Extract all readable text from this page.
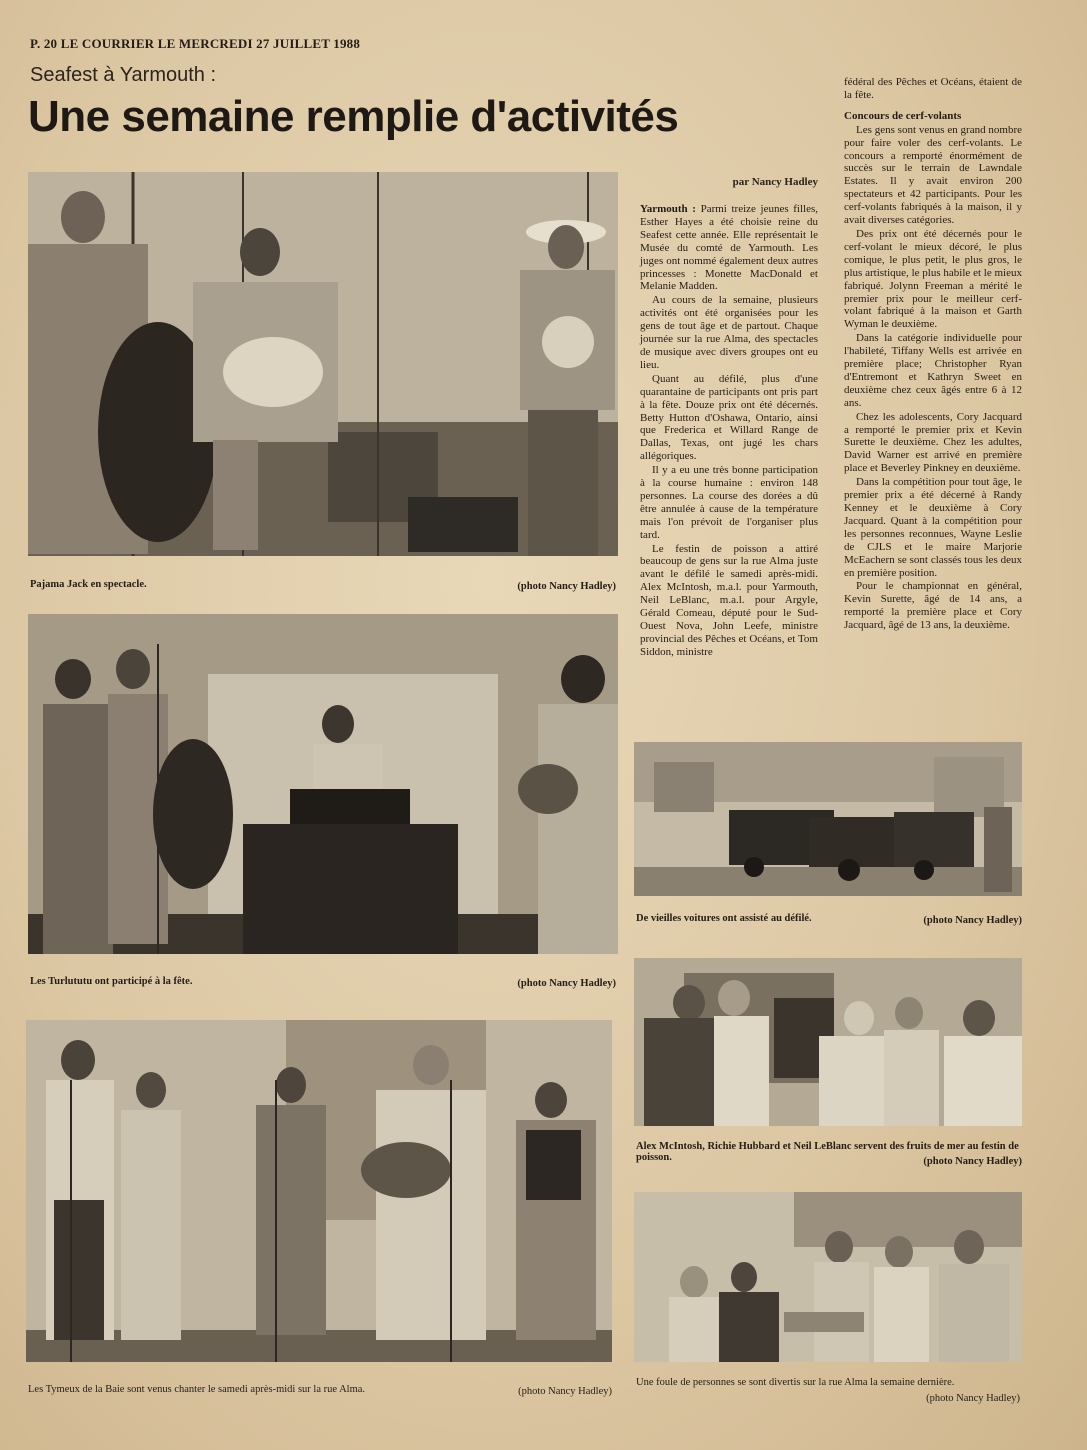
P. 20 LE COURRIER LE MERCREDI 27 JUILLET 1988
Seafest à Yarmouth :
Une semaine remplie d'activités
Pajama Jack en spectacle.	(photo Nancy Hadley)
Les Turlututu ont participé à la fête.	(photo Nancy Hadley)
Les Tymeux de la Baie sont venus chanter le samedi après-midi sur la rue Alma.	(photo Nancy Hadley)
par Nancy Hadley

Yarmouth : Parmi treize jeunes filles, Esther Hayes a été choisie reine du Seafest cette année. Elle représentait le Musée du comté de Yarmouth. Les juges ont nommé également deux autres princesses : Monette MacDonald et Melanie Madden.

Au cours de la semaine, plusieurs activités ont été organisées pour les gens de tout âge et de partout. Chaque journée sur la rue Alma, des spectacles de musique avec divers groupes ont eu lieu.

Quant au défilé, plus d'une quarantaine de participants ont pris part à la fête. Douze prix ont été décernés. Betty Hutton d'Oshawa, Ontario, ainsi que Frederica et Willard Range de Dallas, Texas, ont jugé les chars allégoriques.

Il y a eu une très bonne participation à la course humaine : environ 148 personnes. La course des dorées a dû être annulée à cause de la température mais l'on prévoit de l'organiser plus tard.

Le festin de poisson a attiré beaucoup de gens sur la rue Alma juste avant le défilé le samedi après-midi. Alex McIntosh, m.a.l. pour Yarmouth, Neil LeBlanc, m.a.l. pour Argyle, Gérald Comeau, député pour le Sud-Ouest Nova, John Leefe, ministre provincial des Pêches et Océans, et Tom Siddon, ministre

fédéral des Pêches et Océans, étaient de la fête.

Concours de cerf-volants

Les gens sont venus en grand nombre pour faire voler des cerf-volants. Le concours a remporté énormément de succès sur le terrain de Lawndale Estates. Il y avait environ 200 spectateurs et 42 participants. Pour les cerf-volants fabriqués à la maison, il y avait diverses catégories.

Des prix ont été décernés pour le cerf-volant le mieux décoré, le plus comique, le plus petit, le plus gros, le plus artistique, le plus habile et le mieux fabriqué. Jolynn Freeman a mérité le premier prix pour le meilleur cerf-volant fabriqué à la maison et Garth Wyman le deuxième.

Dans la catégorie individuelle pour l'habileté, Tiffany Wells est arrivée en première place; Christopher Ryan d'Entremont et Kathryn Sweet en deuxième chez ceux âgés entre 6 à 12 ans.

Chez les adolescents, Cory Jacquard a remporté le premier prix et Kevin Surette le deuxième. Chez les adultes, David Warner est arrivé en première place et Beverley Pinkney en deuxième.

Dans la compétition pour tout âge, le premier prix a été décerné à Randy Kenney et le deuxième à Cory Jacquard. Quant à la compétition pour les personnes reconnues, Wayne Leslie de CJLS et le maire Marjorie McEachern se sont classés tous les deux en première position.

Pour le championnat en général, Kevin Surette, âgé de 14 ans, a remporté la première place et Cory Jacquard, âgé de 13 ans, la deuxième.

De vieilles voitures ont assisté au défilé.	(photo Nancy Hadley)
Alex McIntosh, Richie Hubbard et Neil LeBlanc servent des fruits de mer au festin de poisson.	(photo Nancy Hadley)
Une foule de personnes se sont divertis sur la rue Alma la semaine dernière.
(photo Nancy Hadley)
